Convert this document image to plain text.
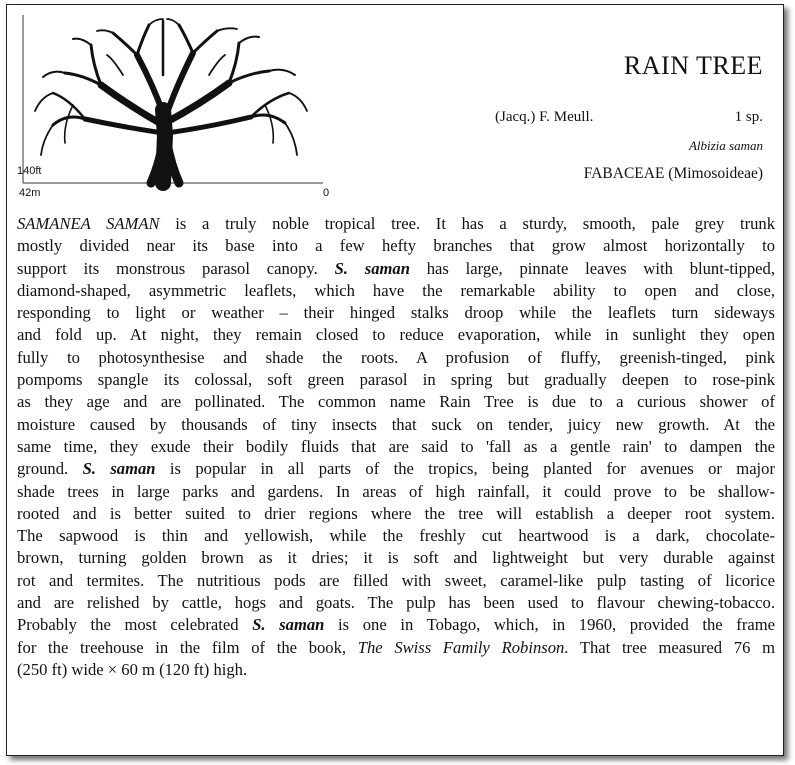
140ft
42m	0
RAIN TREE
(Jacq.) F. Meull.	1 sp.
Albizia saman
FABACEAE (Mimosoideae)
SAMANEA SAMAN is a truly noble tropical tree. It has a sturdy, smooth, pale grey trunk
mostly divided near its base into a few hefty branches that grow almost horizontally to
support its monstrous parasol canopy. S. saman has large, pinnate leaves with blunt-tipped,
diamond-shaped, asymmetric leaflets, which have the remarkable ability to open and close,
responding to light or weather – their hinged stalks droop while the leaflets turn sideways
and fold up. At night, they remain closed to reduce evaporation, while in sunlight they open
fully to photosynthesise and shade the roots. A profusion of fluffy, greenish-tinged, pink
pompoms spangle its colossal, soft green parasol in spring but gradually deepen to rose-pink
as they age and are pollinated. The common name Rain Tree is due to a curious shower of
moisture caused by thousands of tiny insects that suck on tender, juicy new growth. At the
same time, they exude their bodily fluids that are said to 'fall as a gentle rain' to dampen the
ground. S. saman is popular in all parts of the tropics, being planted for avenues or major
shade trees in large parks and gardens. In areas of high rainfall, it could prove to be shallow-
rooted and is better suited to drier regions where the tree will establish a deeper root system.
The sapwood is thin and yellowish, while the freshly cut heartwood is a dark, chocolate-
brown, turning golden brown as it dries; it is soft and lightweight but very durable against
rot and termites. The nutritious pods are filled with sweet, caramel-like pulp tasting of licorice
and are relished by cattle, hogs and goats. The pulp has been used to flavour chewing-tobacco.
Probably the most celebrated S. saman is one in Tobago, which, in 1960, provided the frame
for the treehouse in the film of the book, The Swiss Family Robinson. That tree measured 76 m
(250 ft) wide × 60 m (120 ft) high.
